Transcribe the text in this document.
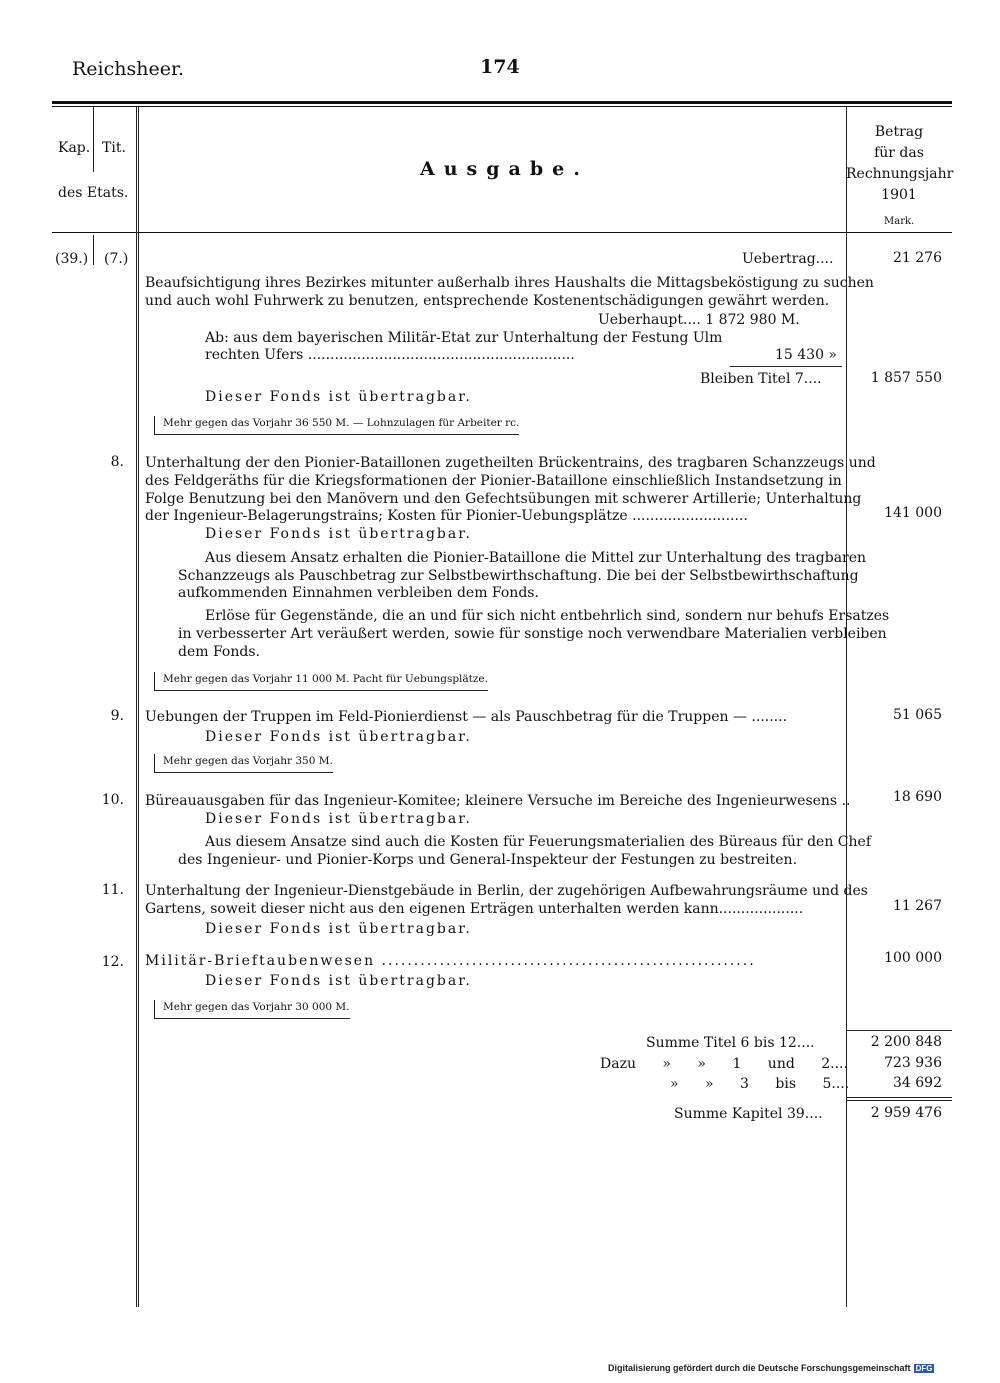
Reichsheer.	174
Kap. Tit.
des Etats.
Ausgabe.
Betrag
für das
Rechnungsjahr
1901
Mark.
(39.) (7.)	Uebertrag....	21 276
Beaufsichtigung ihres Bezirkes mitunter außerhalb ihres Haushalts die Mittagsbeköstigung zu suchen
und auch wohl Fuhrwerk zu benutzen, entsprechende Kostenentschädigungen gewährt werden.
Ueberhaupt.... 1 872 980 M.
Ab: aus dem bayerischen Militär-Etat zur Unterhaltung der Festung Ulm
rechten Ufers ............................................................	15 430 »
Bleiben Titel 7....	1 857 550
Dieser Fonds ist übertragbar.
Mehr gegen das Vorjahr 36 550 M. — Lohnzulagen für Arbeiter rc.
8. Unterhaltung der den Pionier-Bataillonen zugetheilten Brückentrains, des tragbaren Schanzzeugs und
des Feldgeräths für die Kriegsformationen der Pionier-Bataillone einschließlich Instandsetzung in
Folge Benutzung bei den Manövern und den Gefechtsübungen mit schwerer Artillerie; Unterhaltung
der Ingenieur-Belagerungstrains; Kosten für Pionier-Uebungsplätze ..........................	141 000
Dieser Fonds ist übertragbar.
Aus diesem Ansatz erhalten die Pionier-Bataillone die Mittel zur Unterhaltung des tragbaren
Schanzzeugs als Pauschbetrag zur Selbstbewirthschaftung. Die bei der Selbstbewirthschaftung
aufkommenden Einnahmen verbleiben dem Fonds.
Erlöse für Gegenstände, die an und für sich nicht entbehrlich sind, sondern nur behufs Ersatzes
in verbesserter Art veräußert werden, sowie für sonstige noch verwendbare Materialien verbleiben
dem Fonds.
Mehr gegen das Vorjahr 11 000 M. Pacht für Uebungsplätze.
9. Uebungen der Truppen im Feld-Pionierdienst — als Pauschbetrag für die Truppen — ........	51 065
Dieser Fonds ist übertragbar.
Mehr gegen das Vorjahr 350 M.
10. Büreauausgaben für das Ingenieur-Komitee; kleinere Versuche im Bereiche des Ingenieurwesens ..	18 690
Dieser Fonds ist übertragbar.
Aus diesem Ansatze sind auch die Kosten für Feuerungsmaterialien des Büreaus für den Chef
des Ingenieur- und Pionier-Korps und General-Inspekteur der Festungen zu bestreiten.
11. Unterhaltung der Ingenieur-Dienstgebäude in Berlin, der zugehörigen Aufbewahrungsräume und des
Gartens, soweit dieser nicht aus den eigenen Erträgen unterhalten werden kann...................	11 267
Dieser Fonds ist übertragbar.
12. Militär-Brieftaubenwesen ..........................................................	100 000
Dieser Fonds ist übertragbar.
Mehr gegen das Vorjahr 30 000 M.
Summe Titel 6 bis 12....	2 200 848
Dazu » » 1 und 2....	723 936
» » 3 bis 5....	34 692
Summe Kapitel 39....	2 959 476
Digitalisierung gefördert durch die Deutsche Forschungsgemeinschaft DFG
